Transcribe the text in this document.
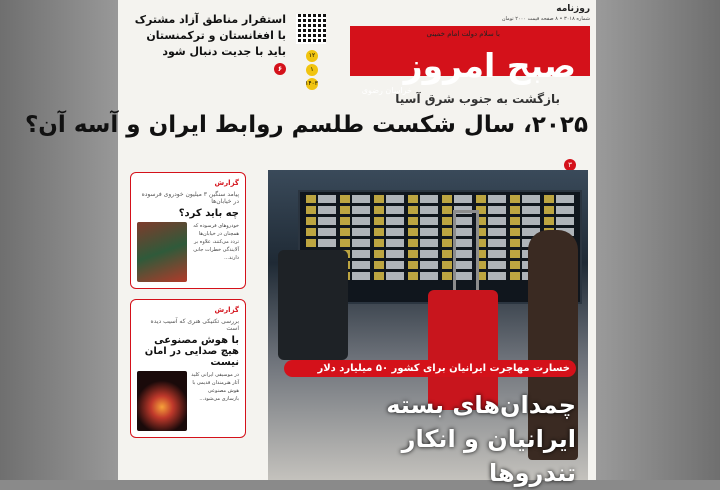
روزنامه
شماره ۳۰۱۸ • ۸ صفحه قیمت ۲۰۰۰ تومان
با سلام دولت امام خمینی
صبح امروز
خراسان رضوی
۱۲
۱
۱۴۰۳
استقرار مناطق آزاد مشترک با افغانستان و ترکمنستان باید با جدیت دنبال شود
۶
بازگشت به جنوب شرق آسیا
۲۰۲۵، سال شکست طلسم روابط ایران و آسه آن؟
۳
گزارش
پیامد سنگین ۳ میلیون خودروی فرسوده در خیابان‌ها
چه باید کرد؟
خودروهای فرسوده که همچنان در خیابان‌ها تردد می‌کنند، علاوه بر آلایندگی خطرات جانی دارند...
گزارش
بررسی تکنیکی هنری که آسیب دیده است
با هوش مصنوعی هیچ صدایی در امان نیست
در موسیقی ایرانی کلید آثار هنرمندان قدیمی با هوش مصنوعی بازسازی می‌شود...
خسارت مهاجرت ایرانیان برای کشور ۵۰ میلیارد دلار
چمدان‌های بسته ایرانیان و انکار تندروها
